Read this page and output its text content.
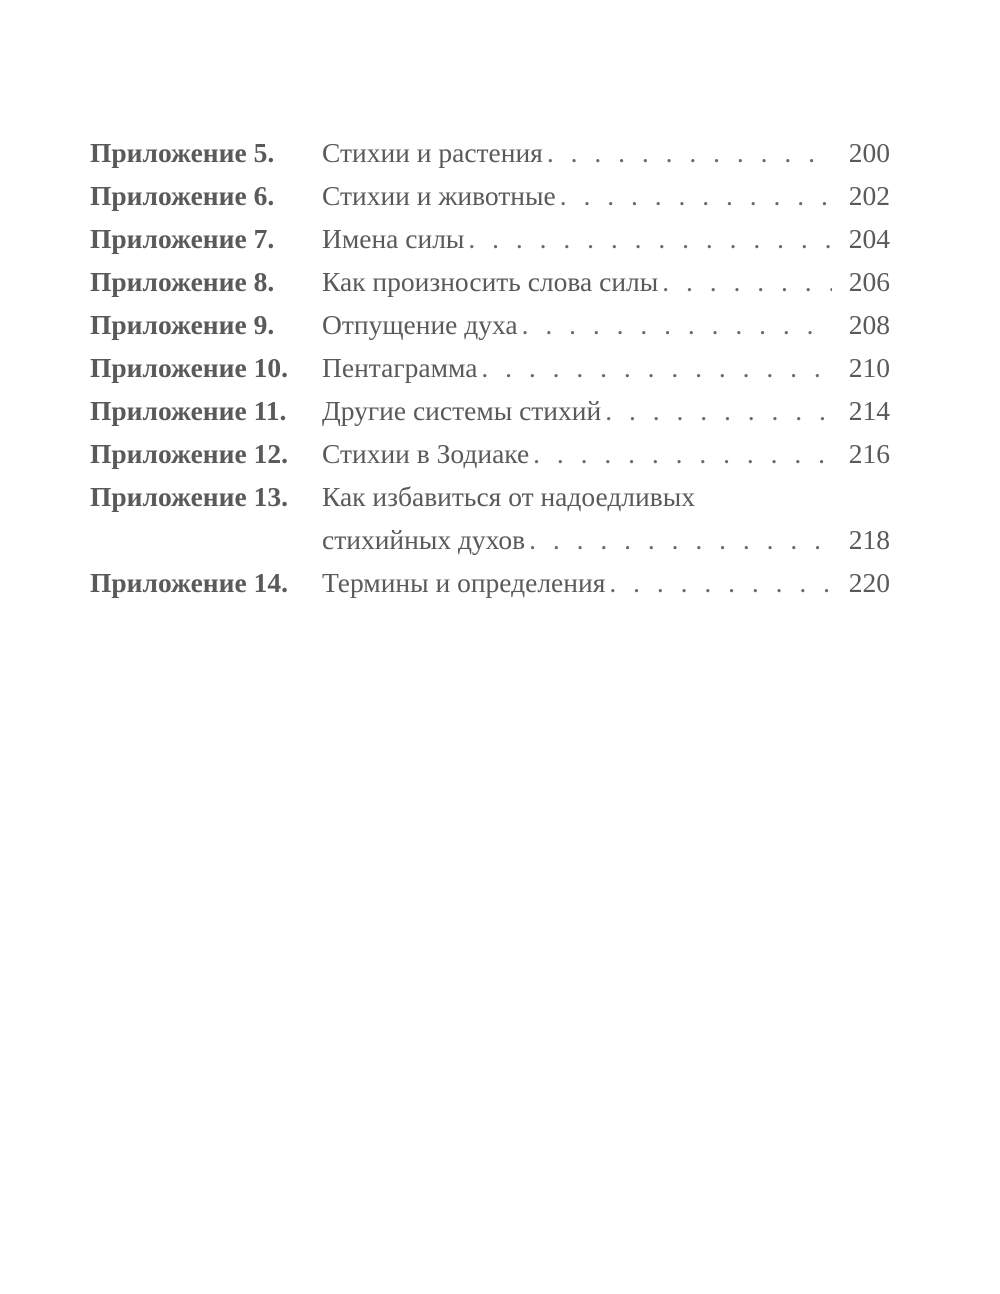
Приложение 5.	Стихии и растения . . .	200
Приложение 6.	Стихии и животные . . .	202
Приложение 7.	Имена силы . . .	204
Приложение 8.	Как произносить слова силы . . .	206
Приложение 9.	Отпущение духа . . .	208
Приложение 10.	Пентаграмма . . .	210
Приложение 11.	Другие системы стихий . . .	214
Приложение 12.	Стихии в Зодиаке . . .	216
Приложение 13.	Как избавиться от надоедливых
стихийных духов . . .	218
Приложение 14.	Термины и определения . . .	220
